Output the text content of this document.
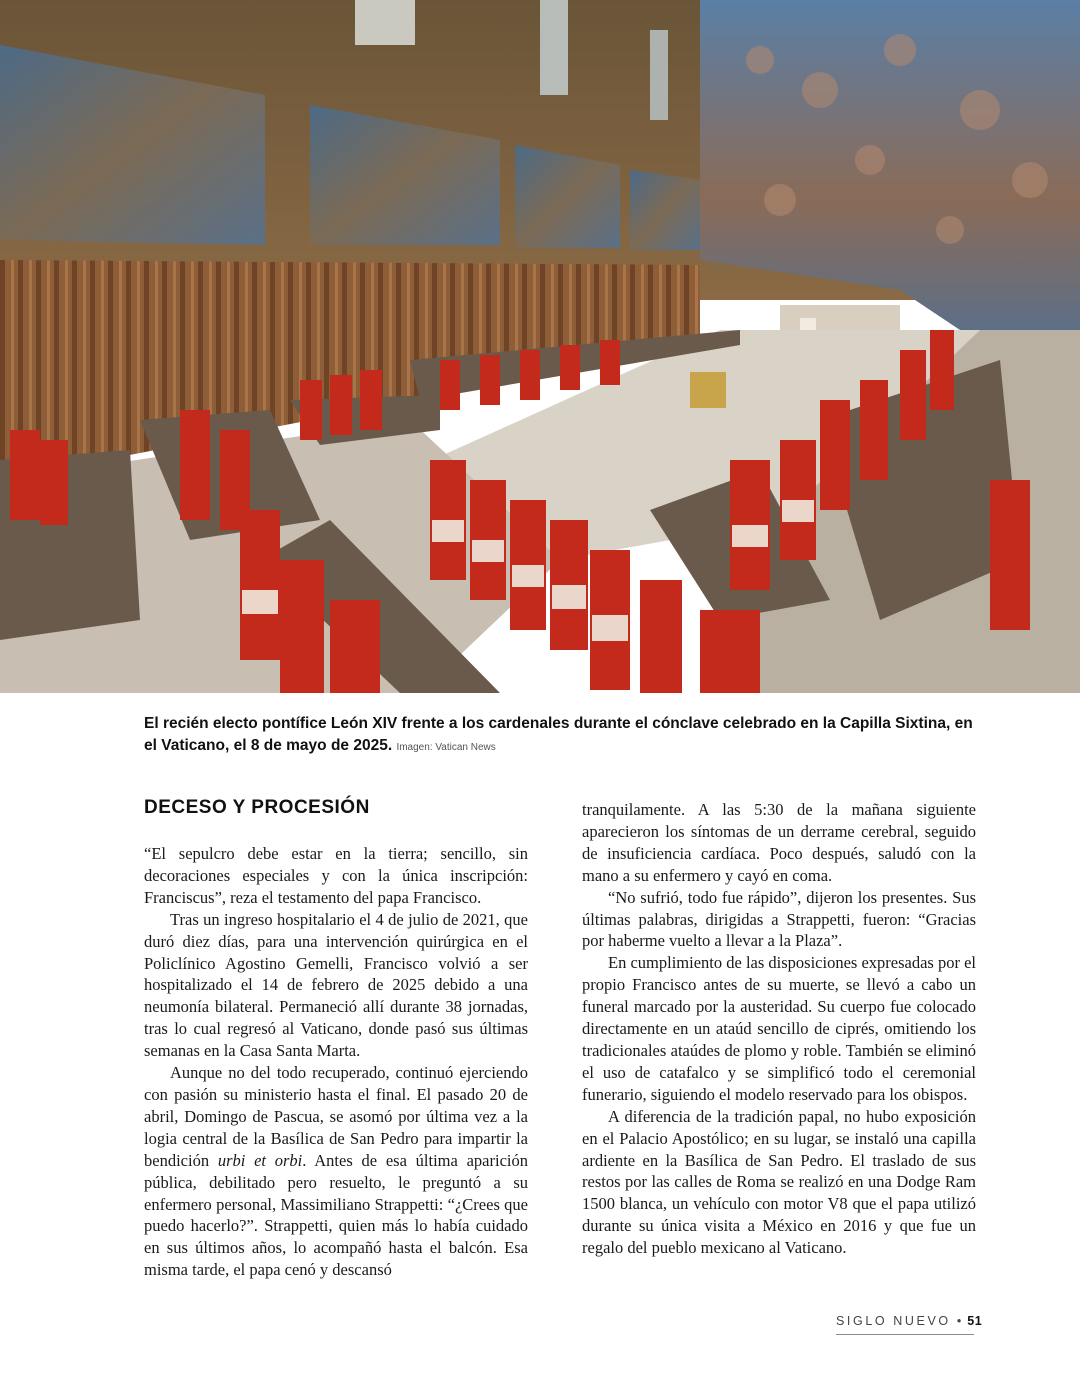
El recién electo pontífice León XIV frente a los cardenales durante el cónclave celebrado en la Capilla Sixtina, en el Vaticano, el 8 de mayo de 2025. Imagen: Vatican News
DECESO Y PROCESIÓN

“El sepulcro debe estar en la tierra; sencillo, sin decoraciones especiales y con la única inscripción: Franciscus”, reza el testamento del papa Francisco.

Tras un ingreso hospitalario el 4 de julio de 2021, que duró diez días, para una intervención quirúrgica en el Policlínico Agostino Gemelli, Francisco volvió a ser hospitalizado el 14 de febrero de 2025 debido a una neumonía bilateral. Permaneció allí durante 38 jornadas, tras lo cual regresó al Vaticano, donde pasó sus últimas semanas en la Casa Santa Marta.

Aunque no del todo recuperado, continuó ejerciendo con pasión su ministerio hasta el final. El pasado 20 de abril, Domingo de Pascua, se asomó por última vez a la logia central de la Basílica de San Pedro para impartir la bendición urbi et orbi. Antes de esa última aparición pública, debilitado pero resuelto, le preguntó a su enfermero personal, Massimiliano Strappetti: “¿Crees que puedo hacerlo?”. Strappetti, quien más lo había cuidado en sus últimos años, lo acompañó hasta el balcón. Esa misma tarde, el papa cenó y descansó

tranquilamente. A las 5:30 de la mañana siguiente aparecieron los síntomas de un derrame cerebral, seguido de insuficiencia cardíaca. Poco después, saludó con la mano a su enfermero y cayó en coma.

“No sufrió, todo fue rápido”, dijeron los presentes. Sus últimas palabras, dirigidas a Strappetti, fueron: “Gracias por haberme vuelto a llevar a la Plaza”.

En cumplimiento de las disposiciones expresadas por el propio Francisco antes de su muerte, se llevó a cabo un funeral marcado por la austeridad. Su cuerpo fue colocado directamente en un ataúd sencillo de ciprés, omitiendo los tradicionales ataúdes de plomo y roble. También se eliminó el uso de catafalco y se simplificó todo el ceremonial funerario, siguiendo el modelo reservado para los obispos.

A diferencia de la tradición papal, no hubo exposición en el Palacio Apostólico; en su lugar, se instaló una capilla ardiente en la Basílica de San Pedro. El traslado de sus restos por las calles de Roma se realizó en una Dodge Ram 1500 blanca, un vehículo con motor V8 que el papa utilizó durante su única visita a México en 2016 y que fue un regalo del pueblo mexicano al Vaticano.

SIGLO NUEVO • 51
